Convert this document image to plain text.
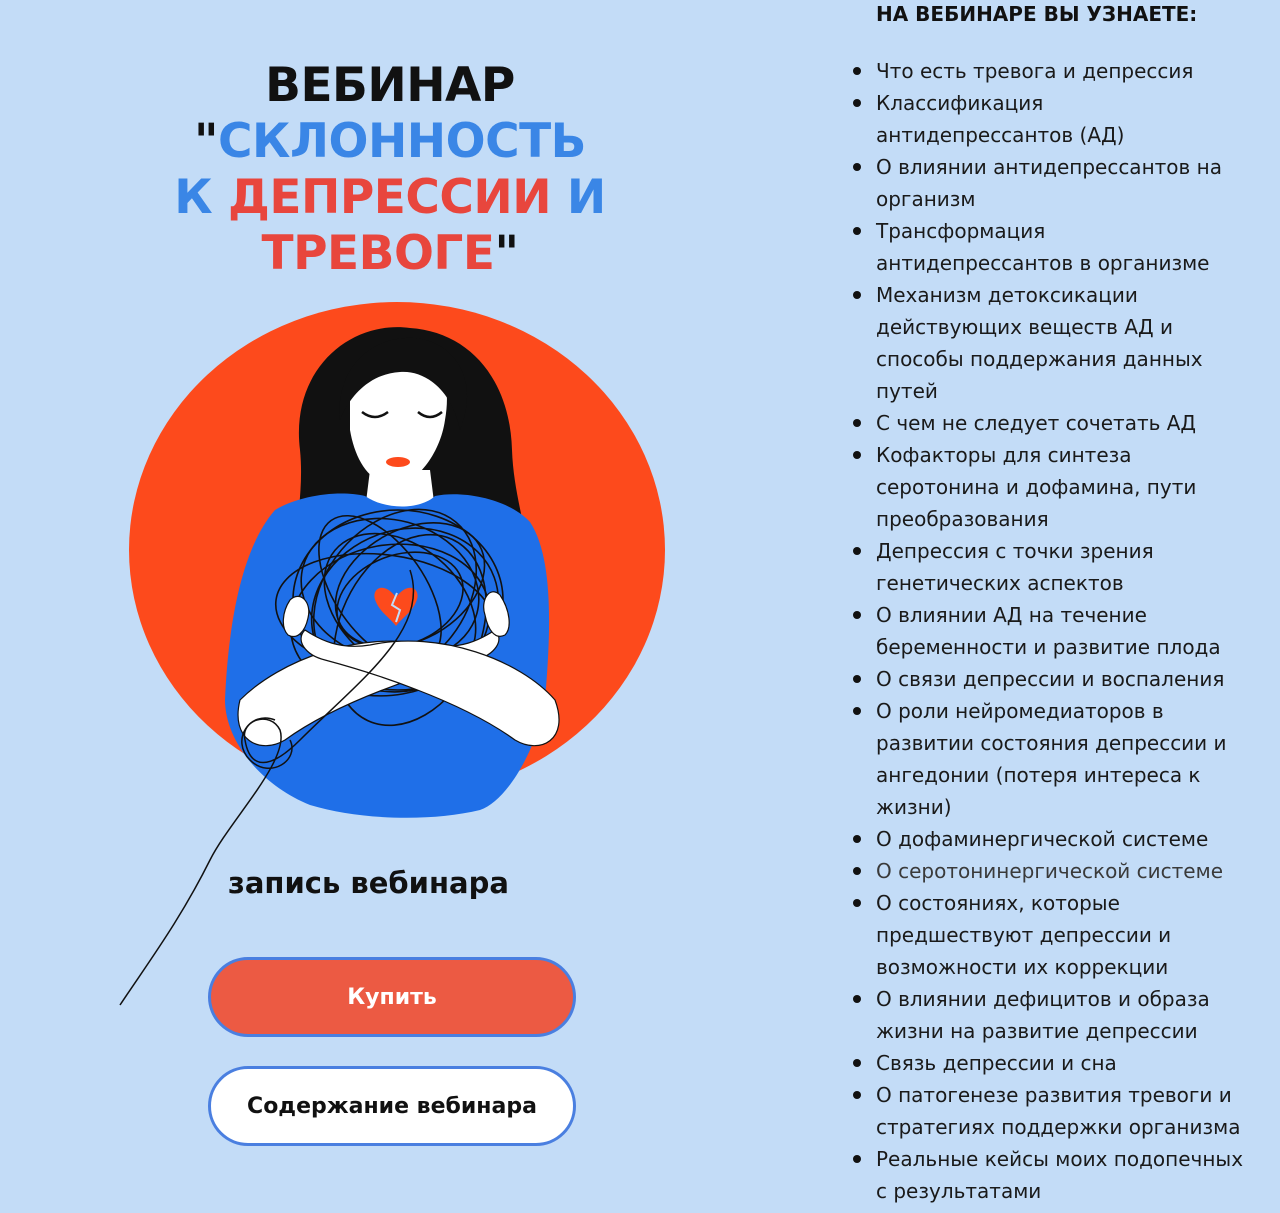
ВЕБИНАР
"СКЛОННОСТЬ
К ДЕПРЕССИИ И
ТРЕВОГЕ"
запись вебинара
Купить
Содержание вебинара
НА ВЕБИНАРЕ ВЫ УЗНАЕТЕ:
Что есть тревога и депрессия
Классификация антидепрессантов (АД)
О влиянии антидепрессантов на организм
Трансформация антидепрессантов в организме
Механизм детоксикации действующих веществ АД и способы поддержания данных путей
С чем не следует сочетать АД
Кофакторы для синтеза серотонина и дофамина, пути преобразования
Депрессия с точки зрения генетических аспектов
О влиянии АД на течение беременности и развитие плода
О связи депрессии и воспаления
О роли нейромедиаторов в развитии состояния депрессии и ангедонии (потеря интереса к жизни)
О дофаминергической системе
О серотонинергической системе
О состояниях, которые предшествуют депрессии и возможности их коррекции
О влиянии дефицитов и образа жизни на развитие депрессии
Связь депрессии и сна
О патогенезе развития тревоги и стратегиях поддержки организма
Реальные кейсы моих подопечных с результатами
